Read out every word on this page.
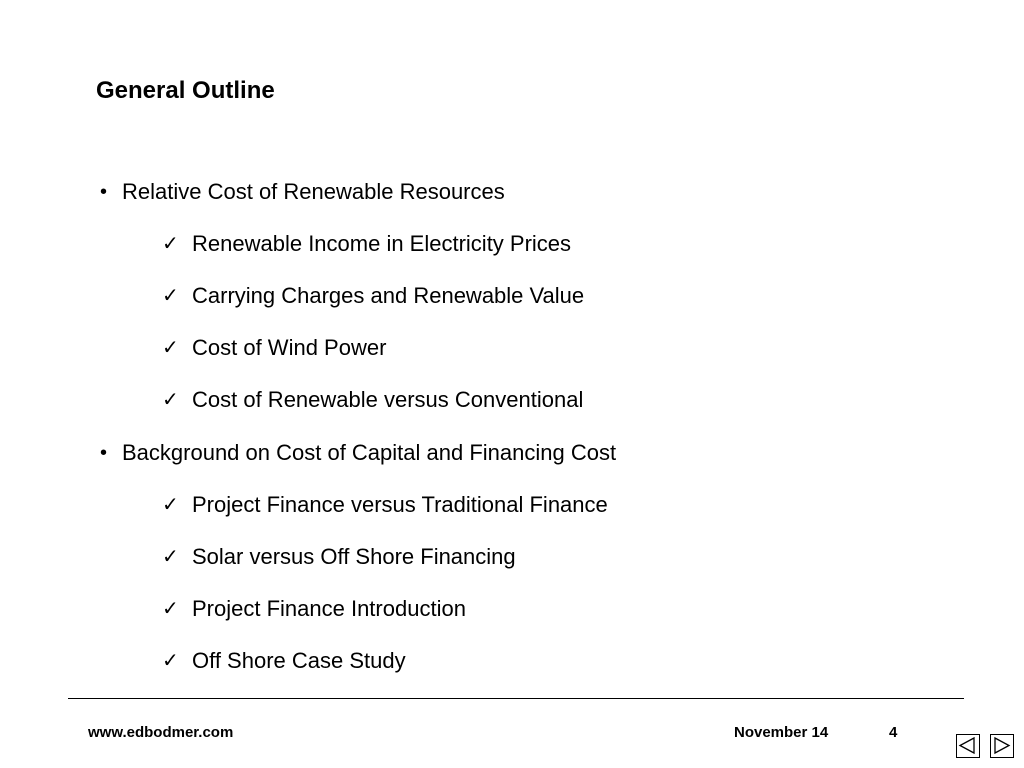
General Outline
• Relative Cost of Renewable Resources
✓ Renewable Income in Electricity Prices
✓ Carrying Charges and Renewable Value
✓ Cost of Wind Power
✓ Cost of Renewable versus Conventional
• Background on Cost of Capital and Financing Cost
✓ Project Finance versus Traditional Finance
✓ Solar versus Off Shore Financing
✓ Project Finance Introduction
✓ Off Shore Case Study
www.edbodmer.com	November 14	4
